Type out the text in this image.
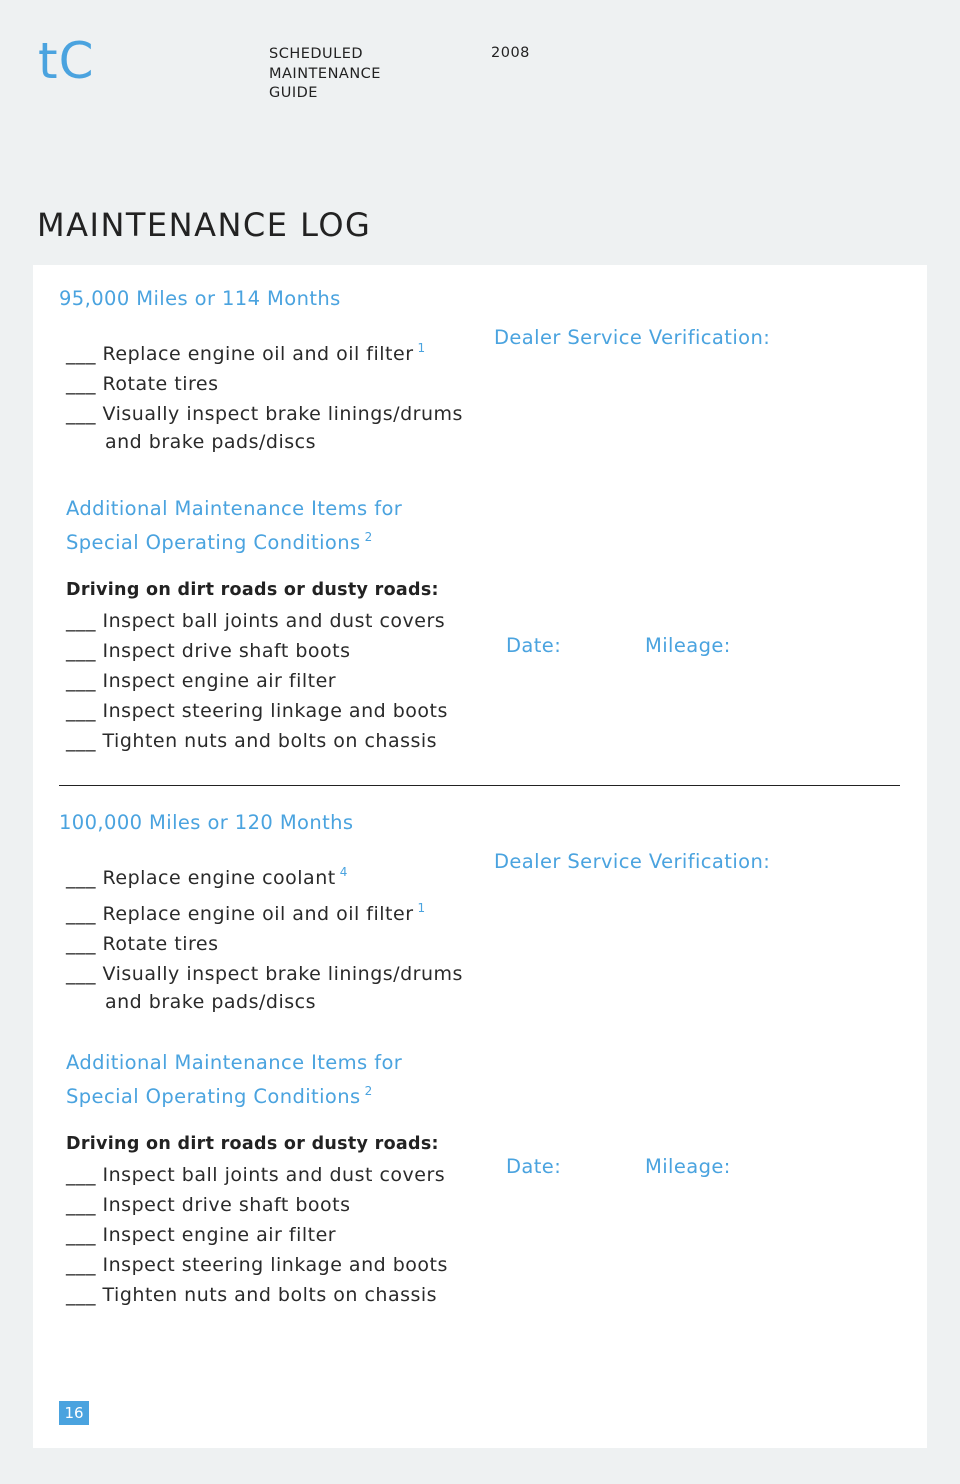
tC	SCHEDULED
MAINTENANCE
GUIDE
2008
MAINTENANCE LOG
95,000 Miles or 114 Months
___ Replace engine oil and oil filter $^1$
___ Rotate tires
___ Visually inspect brake linings/drums
and brake pads/discs
Additional Maintenance Items for
Special Operating Conditions $^2$
Driving on dirt roads or dusty roads:
___ Inspect ball joints and dust covers
___ Inspect drive shaft boots
___ Inspect engine air filter
___ Inspect steering linkage and boots
___ Tighten nuts and bolts on chassis
Dealer Service Verification:
Date:	Mileage:
100,000 Miles or 120 Months
___ Replace engine coolant $^4$
___ Replace engine oil and oil filter $^1$
___ Rotate tires
___ Visually inspect brake linings/drums
and brake pads/discs
Additional Maintenance Items for
Special Operating Conditions $^2$
Driving on dirt roads or dusty roads:
___ Inspect ball joints and dust covers
___ Inspect drive shaft boots
___ Inspect engine air filter
___ Inspect steering linkage and boots
___ Tighten nuts and bolts on chassis
Dealer Service Verification:
Date:	Mileage:
16
